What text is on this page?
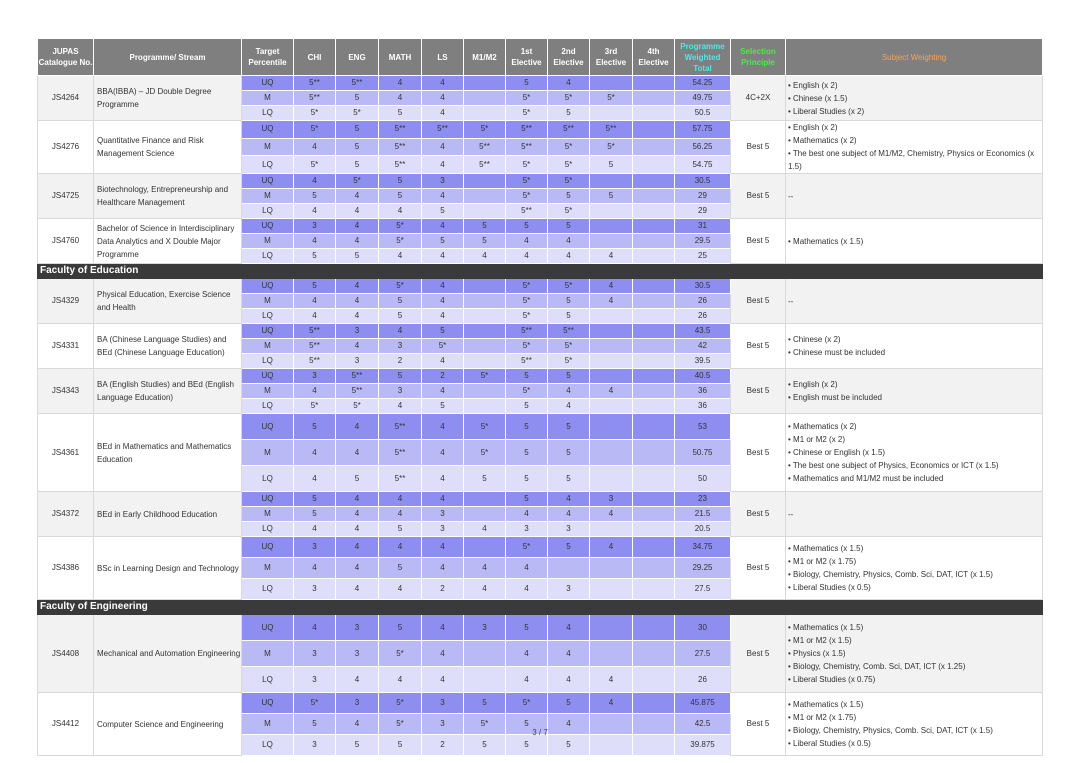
JUPAS Catalogue No.	Programme/ Stream	Target Percentile	CHI	ENG	MATH	LS	M1/M2	1st Elective	2nd Elective	3rd Elective	4th Elective	Programme Weighted Total	Selection Principle	Subject Weighting
JS4264	BBA(IBBA) – JD Double Degree Programme	UQ	5**	5**	4	4		5	4			54.25	4C+2X	• English (x 2)
• Chinese (x 1.5)
• Liberal Studies (x 2)

		M	5**	5	4	4		5*	5*	5*		49.75		
		LQ	5*	5*	5	4		5*	5			50.5		
JS4276	Quantitative Finance and Risk Management Science	UQ	5*	5	5**	5**	5*	5**	5**	5**		57.75	Best 5	• English (x 2)
• Mathematics (x 2)
• The best one subject of M1/M2, Chemistry, Physics or Economics (x 1.5)

		M	4	5	5**	4	5**	5**	5*	5*		56.25		
		LQ	5*	5	5**	4	5**	5*	5*	5		54.75		
JS4725	Biotechnology, Entrepreneurship and Healthcare Management	UQ	4	5*	5	3		5*	5*			30.5	Best 5	--

		M	5	4	5	4		5*	5	5		29		
		LQ	4	4	4	5		5**	5*			29		
JS4760	Bachelor of Science in Interdisciplinary Data Analytics and X Double Major Programme	UQ	3	4	5*	4	5	5	5			31	Best 5	• Mathematics (x 1.5)

		M	4	4	5*	5	5	4	4			29.5		
		LQ	5	5	4	4	4	4	4	4		25		
Faculty of Education														
JS4329	Physical Education, Exercise Science and Health	UQ	5	4	5*	4		5*	5*	4		30.5	Best 5	--

		M	4	4	5	4		5*	5	4		26		
		LQ	4	4	5	4		5*	5			26		
JS4331	BA (Chinese Language Studies) and BEd (Chinese Language Education)	UQ	5**	3	4	5		5**	5**			43.5	Best 5	• Chinese (x 2)
• Chinese must be included

		M	5**	4	3	5*		5*	5*			42		
		LQ	5**	3	2	4		5**	5*			39.5		
JS4343	BA (English Studies) and BEd (English Language Education)	UQ	3	5**	5	2	5*	5	5			40.5	Best 5	• English (x 2)
• English must be included

		M	4	5**	3	4		5*	4	4		36		
		LQ	5*	5*	4	5		5	4			36		
JS4361	BEd in Mathematics and Mathematics Education	UQ	5	4	5**	4	5*	5	5			53	Best 5	• Mathematics (x 2)
• M1 or M2 (x 2)
• Chinese or English (x 1.5)
• The best one subject of Physics, Economics or ICT (x 1.5)
• Mathematics and M1/M2 must be included

		M	4	4	5**	4	5*	5	5			50.75		
		LQ	4	5	5**	4	5	5	5			50		
JS4372	BEd in Early Childhood Education	UQ	5	4	4	4		5	4	3		23	Best 5	--

		M	5	4	4	3		4	4	4		21.5		
		LQ	4	4	5	3	4	3	3			20.5		
JS4386	BSc in Learning Design and Technology	UQ	3	4	4	4		5*	5	4		34.75	Best 5	• Mathematics (x 1.5)
• M1 or M2 (x 1.75)
• Biology, Chemistry, Physics, Comb. Sci, DAT, ICT (x 1.5)
• Liberal Studies (x 0.5)

		M	4	4	5	4	4	4				29.25		
		LQ	3	4	4	2	4	4	3			27.5		
Faculty of Engineering														
JS4408	Mechanical and Automation Engineering	UQ	4	3	5	4	3	5	4			30	Best 5	• Mathematics (x 1.5)
• M1 or M2 (x 1.5)
• Physics (x 1.5)
• Biology, Chemistry, Comb. Sci, DAT, ICT (x 1.25)
• Liberal Studies (x 0.75)

		M	3	3	5*	4		4	4			27.5		
		LQ	3	4	4	4		4	4	4		26		
JS4412	Computer Science and Engineering	UQ	5*	3	5*	3	5	5*	5	4		45.875	Best 5	• Mathematics (x 1.5)
• M1 or M2 (x 1.75)
• Biology, Chemistry, Physics, Comb. Sci, DAT, ICT (x 1.5)
• Liberal Studies (x 0.5)

		M	5	4	5*	3	5*	5	4			42.5		
		LQ	3	5	5	2	5	5	5			39.875		
3 / 7
